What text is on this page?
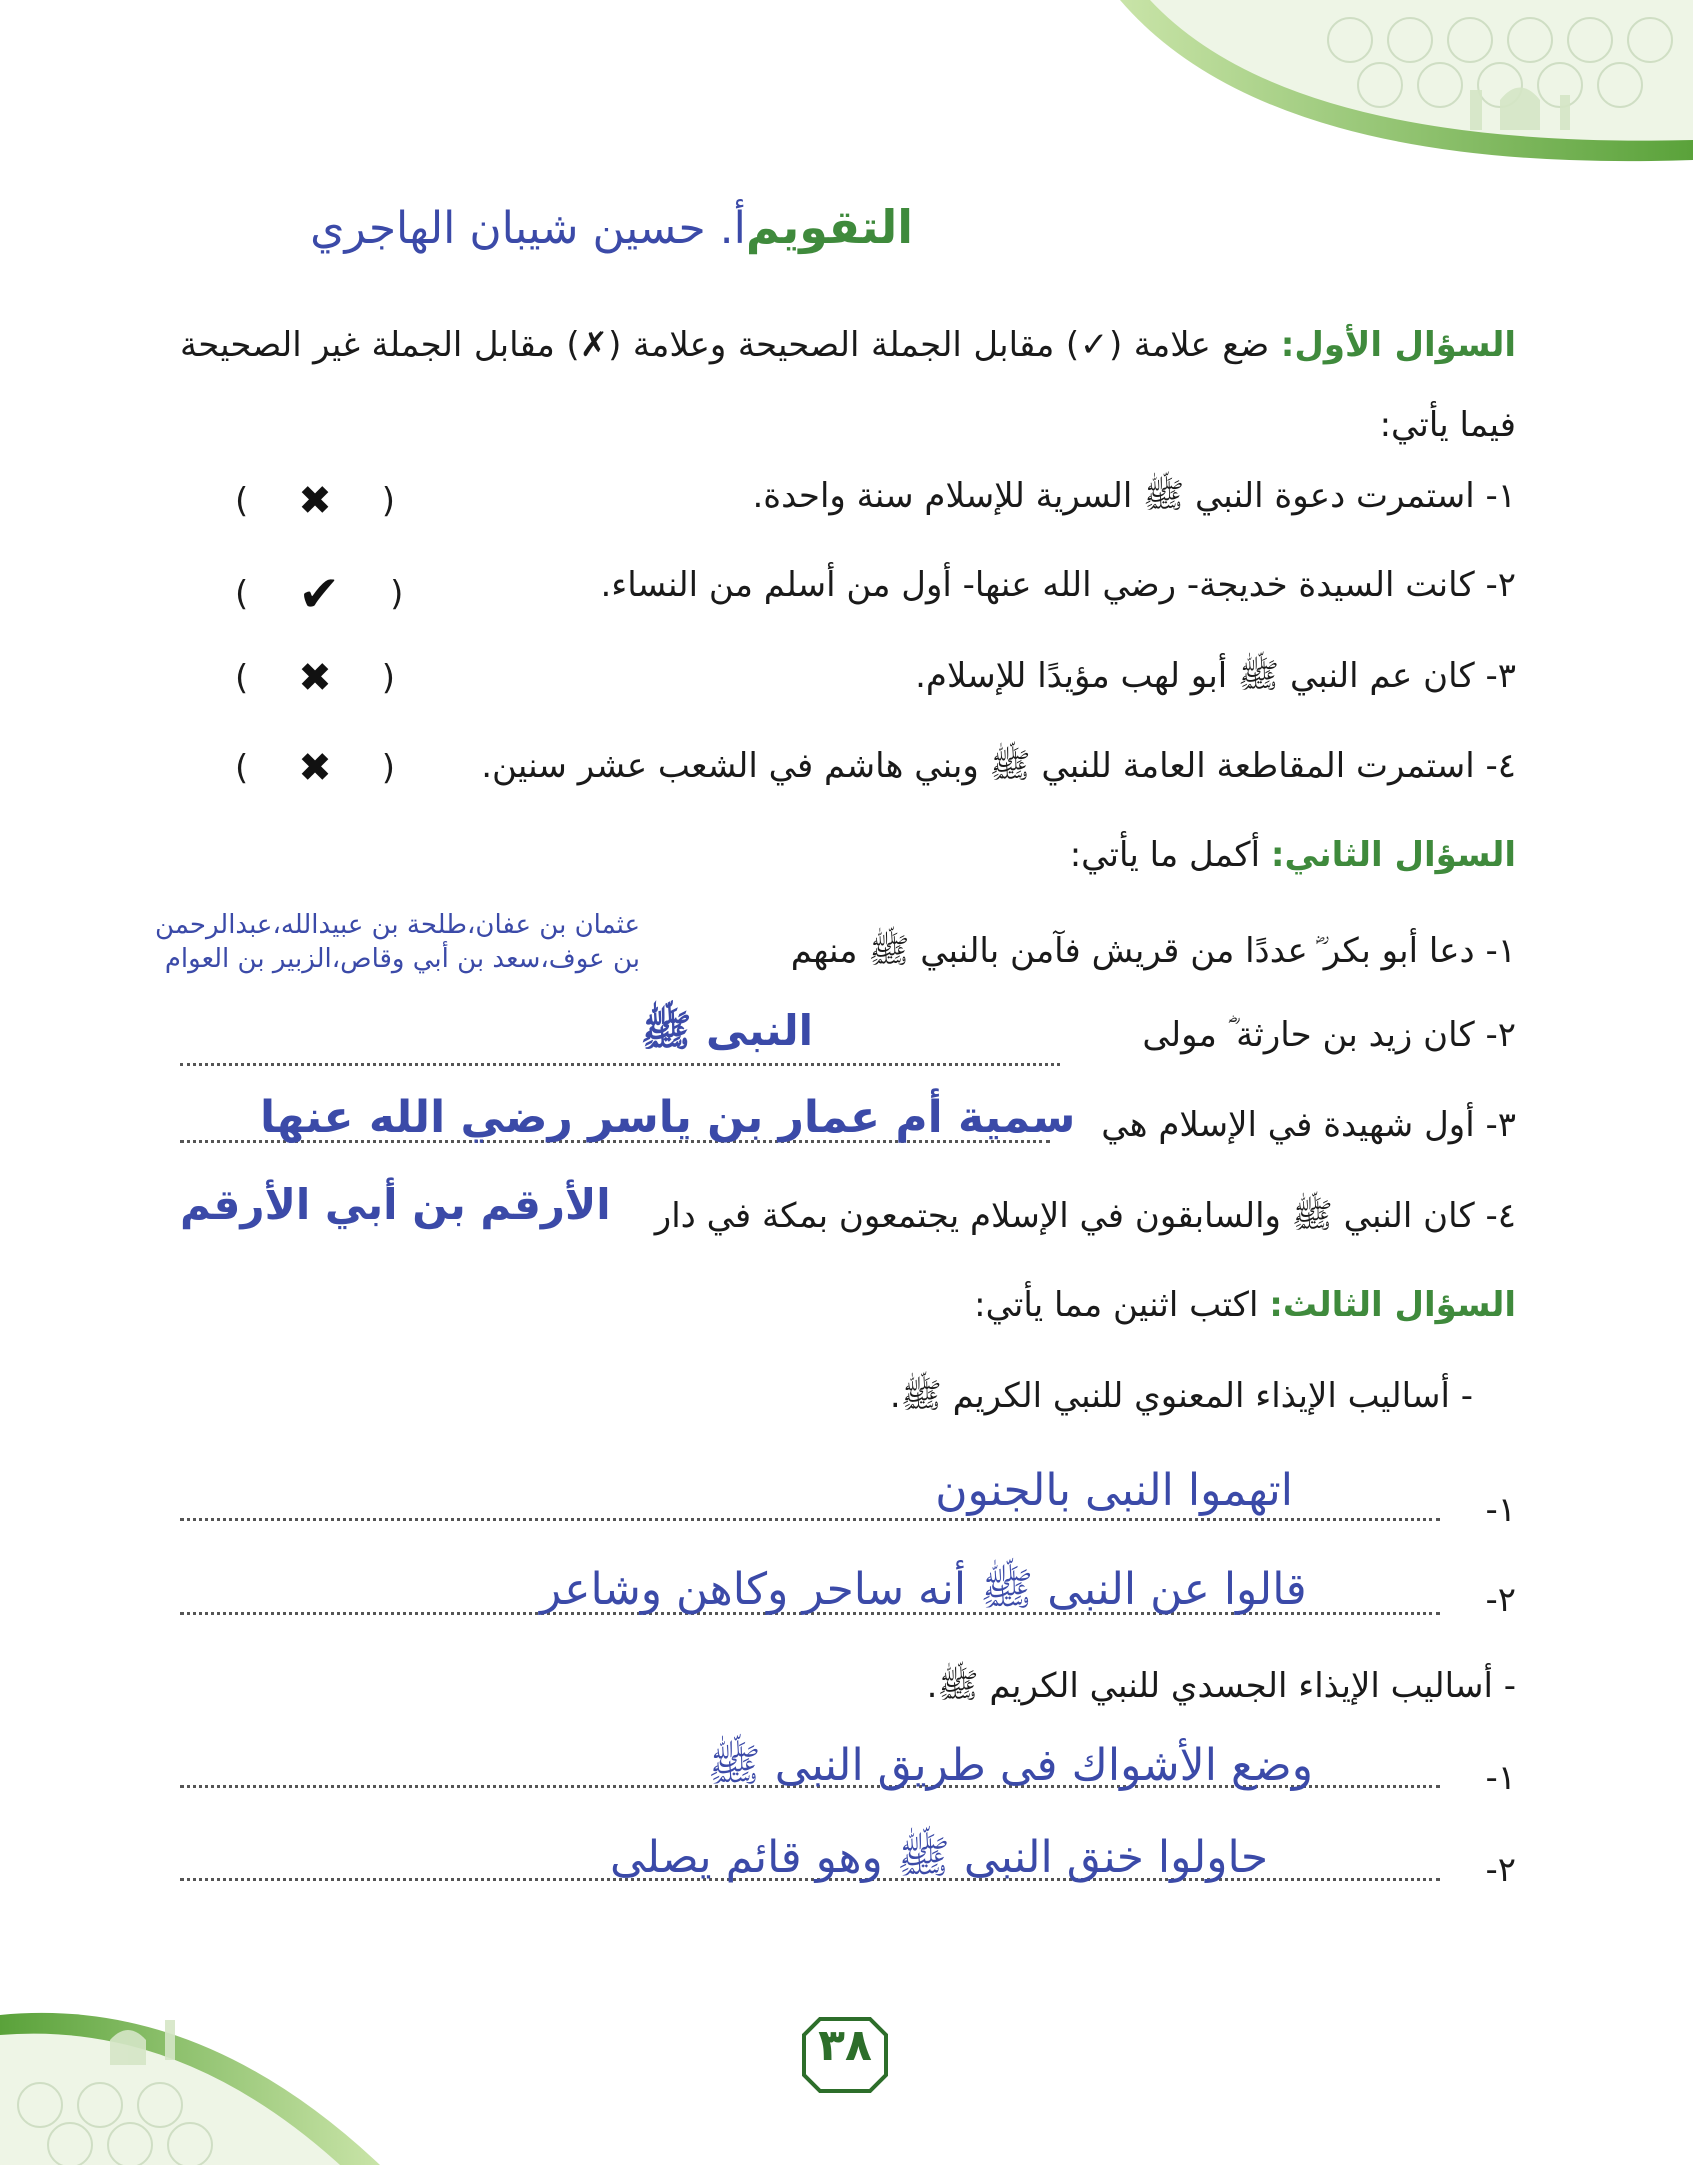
التقويم
أ. حسين شيبان الهاجري
السؤال الأول: ضع علامة (✓) مقابل الجملة الصحيحة وعلامة (✗) مقابل الجملة غير الصحيحة فيما يأتي:
١- استمرت دعوة النبي ﷺ السرية للإسلام سنة واحدة.
( ✖ )
٢- كانت السيدة خديجة- رضي الله عنها- أول من أسلم من النساء.
( ✔ )
٣- كان عم النبي ﷺ أبو لهب مؤيدًا للإسلام.
( ✖ )
٤- استمرت المقاطعة العامة للنبي ﷺ وبني هاشم في الشعب عشر سنين.
( ✖ )
السؤال الثاني: أكمل ما يأتي:
١- دعا أبو بكر ؓ عددًا من قريش فآمن بالنبي ﷺ منهم
عثمان بن عفان،طلحة بن عبيدالله،عبدالرحمن
بن عوف،سعد بن أبي وقاص،الزبير بن العوام
٢- كان زيد بن حارثة ؓ مولى
النبى ﷺ
٣- أول شهيدة في الإسلام هي
سمية أم عمار بن ياسر رضي الله عنها
٤- كان النبي ﷺ والسابقون في الإسلام يجتمعون بمكة في دار
الأرقم بن أبي الأرقم
السؤال الثالث: اكتب اثنين مما يأتي:
- أساليب الإيذاء المعنوي للنبي الكريم ﷺ.
١-
اتهموا النبى بالجنون
٢-
قالوا عن النبى ﷺ أنه ساحر وكاهن وشاعر
- أساليب الإيذاء الجسدي للنبي الكريم ﷺ.
١-
وضع الأشواك فى طريق النبى ﷺ
٢-
حاولوا خنق النبى ﷺ وهو قائم يصلى
٣٨
